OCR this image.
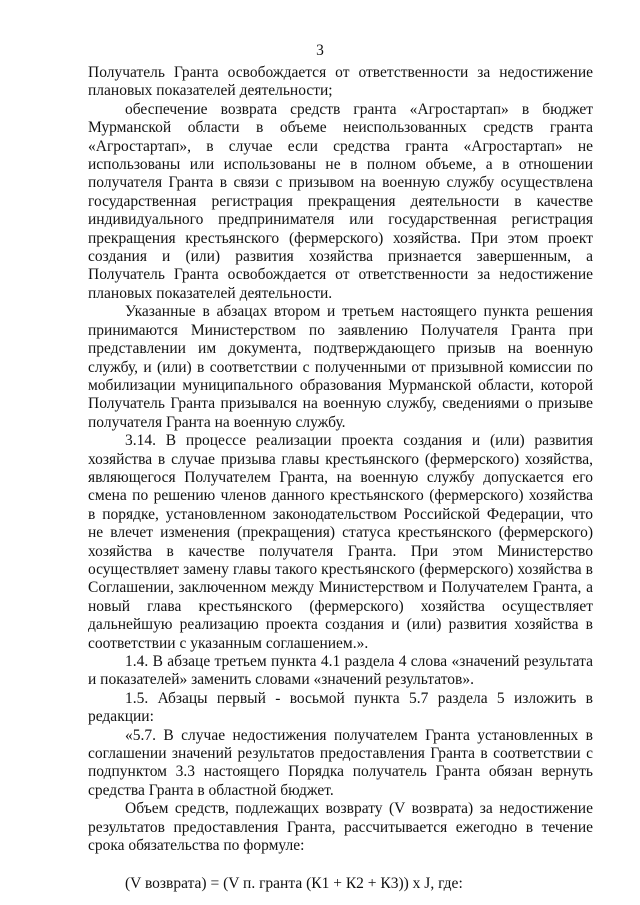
3

Получатель Гранта освобождается от ответственности за недостижение плановых показателей деятельности;

обеспечение возврата средств гранта «Агростартап» в бюджет Мурманской области в объеме неиспользованных средств гранта «Агростартап», в случае если средства гранта «Агростартап» не использованы или использованы не в полном объеме, а в отношении получателя Гранта в связи с призывом на военную службу осуществлена государственная регистрация прекращения деятельности в качестве индивидуального предпринимателя или государственная регистрация прекращения крестьянского (фермерского) хозяйства. При этом проект создания и (или) развития хозяйства признается завершенным, а Получатель Гранта освобождается от ответственности за недостижение плановых показателей деятельности.

Указанные в абзацах втором и третьем настоящего пункта решения принимаются Министерством по заявлению Получателя Гранта при представлении им документа, подтверждающего призыв на военную службу, и (или) в соответствии с полученными от призывной комиссии по мобилизации муниципального образования Мурманской области, которой Получатель Гранта призывался на военную службу, сведениями о призыве получателя Гранта на военную службу.

3.14. В процессе реализации проекта создания и (или) развития хозяйства в случае призыва главы крестьянского (фермерского) хозяйства, являющегося Получателем Гранта, на военную службу допускается его смена по решению членов данного крестьянского (фермерского) хозяйства в порядке, установленном законодательством Российской Федерации, что не влечет изменения (прекращения) статуса крестьянского (фермерского) хозяйства в качестве получателя Гранта. При этом Министерство осуществляет замену главы такого крестьянского (фермерского) хозяйства в Соглашении, заключенном между Министерством и Получателем Гранта, а новый глава крестьянского (фермерского) хозяйства осуществляет дальнейшую реализацию проекта создания и (или) развития хозяйства в соответствии с указанным соглашением.».

1.4. В абзаце третьем пункта 4.1 раздела 4 слова «значений результата и показателей» заменить словами «значений результатов».

1.5. Абзацы первый - восьмой пункта 5.7 раздела 5 изложить в редакции:

«5.7. В случае недостижения получателем Гранта установленных в соглашении значений результатов предоставления Гранта в соответствии с подпунктом 3.3 настоящего Порядка получатель Гранта обязан вернуть средства Гранта в областной бюджет.

Объем средств, подлежащих возврату (V возврата) за недостижение результатов предоставления Гранта, рассчитывается ежегодно в течение срока обязательства по формуле:

(V возврата) = (V п. гранта (К1 + К2 + К3)) x J, где:
